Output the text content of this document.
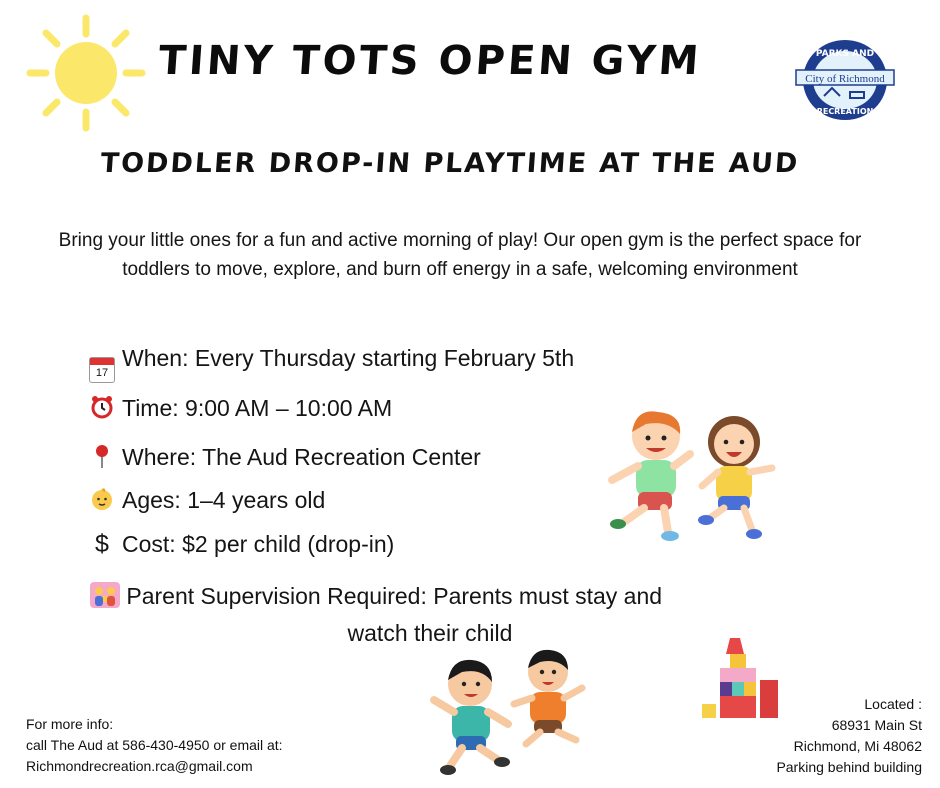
TINY TOTS OPEN GYM	PARKS AND
City of Richmond
RECREATION
TODDLER DROP-IN PLAYTIME AT THE AUD
Bring your little ones for a fun and active morning of play! Our open gym is the perfect space for toddlers to move, explore, and burn off energy in a safe, welcoming environment
17When: Every Thursday starting February 5th
Time: 9:00 AM – 10:00 AM
Where: The Aud Recreation Center
Ages: 1–4 years old
$ Cost: $2 per child (drop-in)
Parent Supervision Required: Parents must stay and
watch their child
For more info:
call The Aud at 586-430-4950 or email at:
Richmondrecreation.rca@gmail.com
Located :
68931 Main St
Richmond, Mi 48062
Parking behind building
